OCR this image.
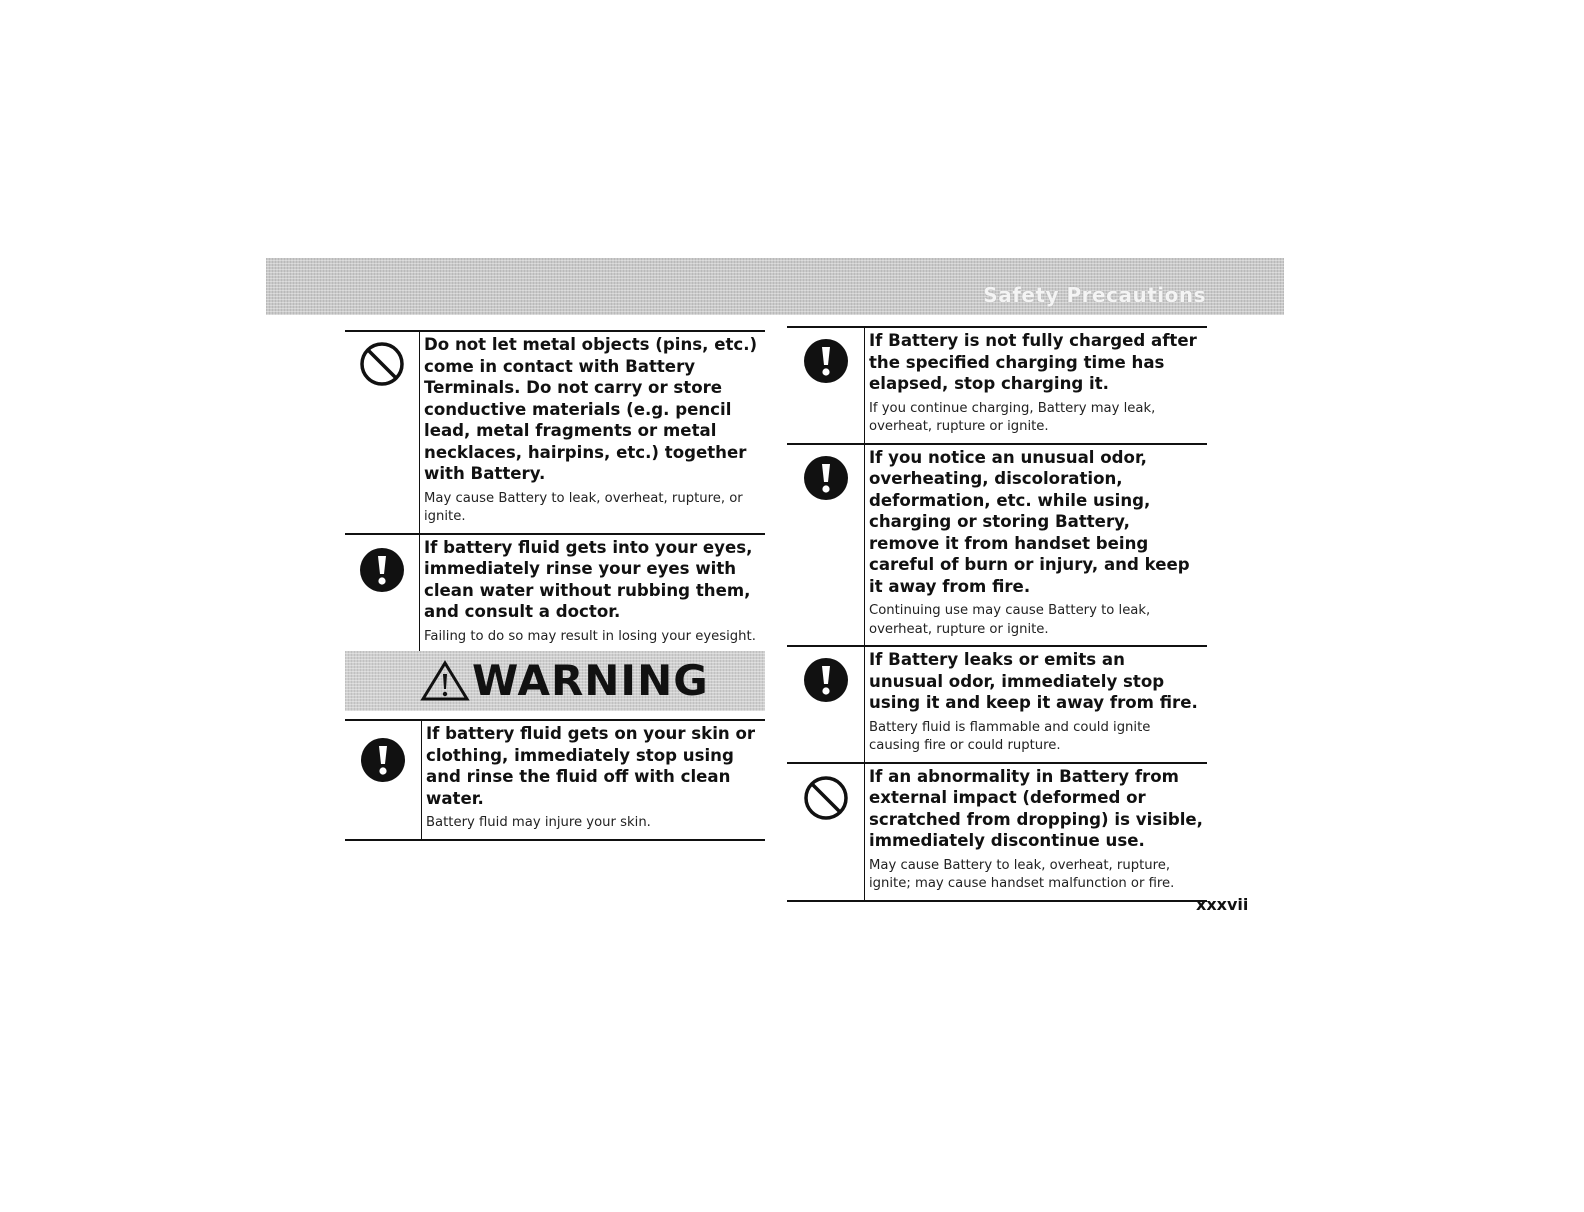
Safety Precautions

Do not let metal objects (pins, etc.) come in contact with Battery Terminals. Do not carry or store conductive materials (e.g. pencil lead, metal fragments or metal necklaces, hairpins, etc.) together with Battery.

May cause Battery to leak, overheat, rupture, or ignite.

If battery fluid gets into your eyes, immediately rinse your eyes with clean water without rubbing them, and consult a doctor.

Failing to do so may result in losing your eyesight.

WARNING

If battery fluid gets on your skin or clothing, immediately stop using and rinse the fluid off with clean water.

Battery fluid may injure your skin.

If Battery is not fully charged after the specified charging time has elapsed, stop charging it.

If you continue charging, Battery may leak, overheat, rupture or ignite.

If you notice an unusual odor, overheating, discoloration, deformation, etc. while using, charging or storing Battery, remove it from handset being careful of burn or injury, and keep it away from fire.

Continuing use may cause Battery to leak, overheat, rupture or ignite.

If Battery leaks or emits an unusual odor, immediately stop using it and keep it away from fire.

Battery fluid is flammable and could ignite causing fire or could rupture.

If an abnormality in Battery from external impact (deformed or scratched from dropping) is visible, immediately discontinue use.

May cause Battery to leak, overheat, rupture, ignite; may cause handset malfunction or fire.

xxxvii
